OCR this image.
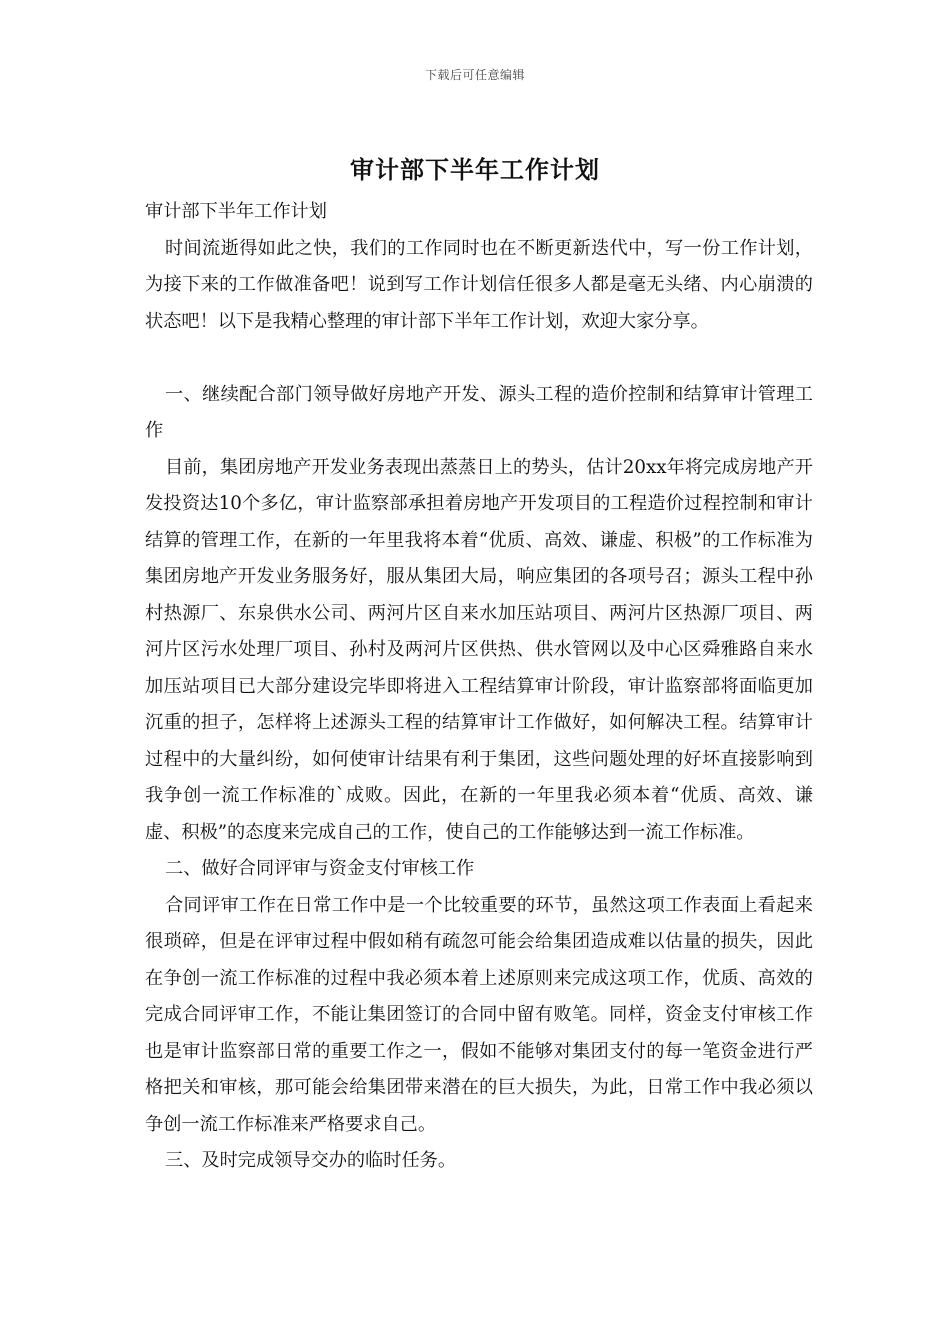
下载后可任意编辑
审计部下半年工作计划

审计部下半年工作计划

时间流逝得如此之快，我们的工作同时也在不断更新迭代中，写一份工作计划，为接下来的工作做准备吧！说到写工作计划信任很多人都是毫无头绪、内心崩溃的状态吧！以下是我精心整理的审计部下半年工作计划，欢迎大家分享。

一、继续配合部门领导做好房地产开发、源头工程的造价控制和结算审计管理工作

目前，集团房地产开发业务表现出蒸蒸日上的势头，估计20xx年将完成房地产开发投资达10个多亿，审计监察部承担着房地产开发项目的工程造价过程控制和审计结算的管理工作，在新的一年里我将本着“优质、高效、谦虚、积极”的工作标准为集团房地产开发业务服务好，服从集团大局，响应集团的各项号召；源头工程中孙村热源厂、东泉供水公司、两河片区自来水加压站项目、两河片区热源厂项目、两河片区污水处理厂项目、孙村及两河片区供热、供水管网以及中心区舜雅路自来水加压站项目已大部分建设完毕即将进入工程结算审计阶段，审计监察部将面临更加沉重的担子，怎样将上述源头工程的结算审计工作做好，如何解决工程。结算审计过程中的大量纠纷，如何使审计结果有利于集团，这些问题处理的好坏直接影响到我争创一流工作标准的`成败。因此，在新的一年里我必须本着“优质、高效、谦虚、积极”的态度来完成自己的工作，使自己的工作能够达到一流工作标准。

二、做好合同评审与资金支付审核工作

合同评审工作在日常工作中是一个比较重要的环节，虽然这项工作表面上看起来很琐碎，但是在评审过程中假如稍有疏忽可能会给集团造成难以估量的损失，因此在争创一流工作标准的过程中我必须本着上述原则来完成这项工作，优质、高效的完成合同评审工作，不能让集团签订的合同中留有败笔。同样，资金支付审核工作也是审计监察部日常的重要工作之一，假如不能够对集团支付的每一笔资金进行严格把关和审核，那可能会给集团带来潜在的巨大损失，为此，日常工作中我必须以争创一流工作标准来严格要求自己。

三、及时完成领导交办的临时任务。
